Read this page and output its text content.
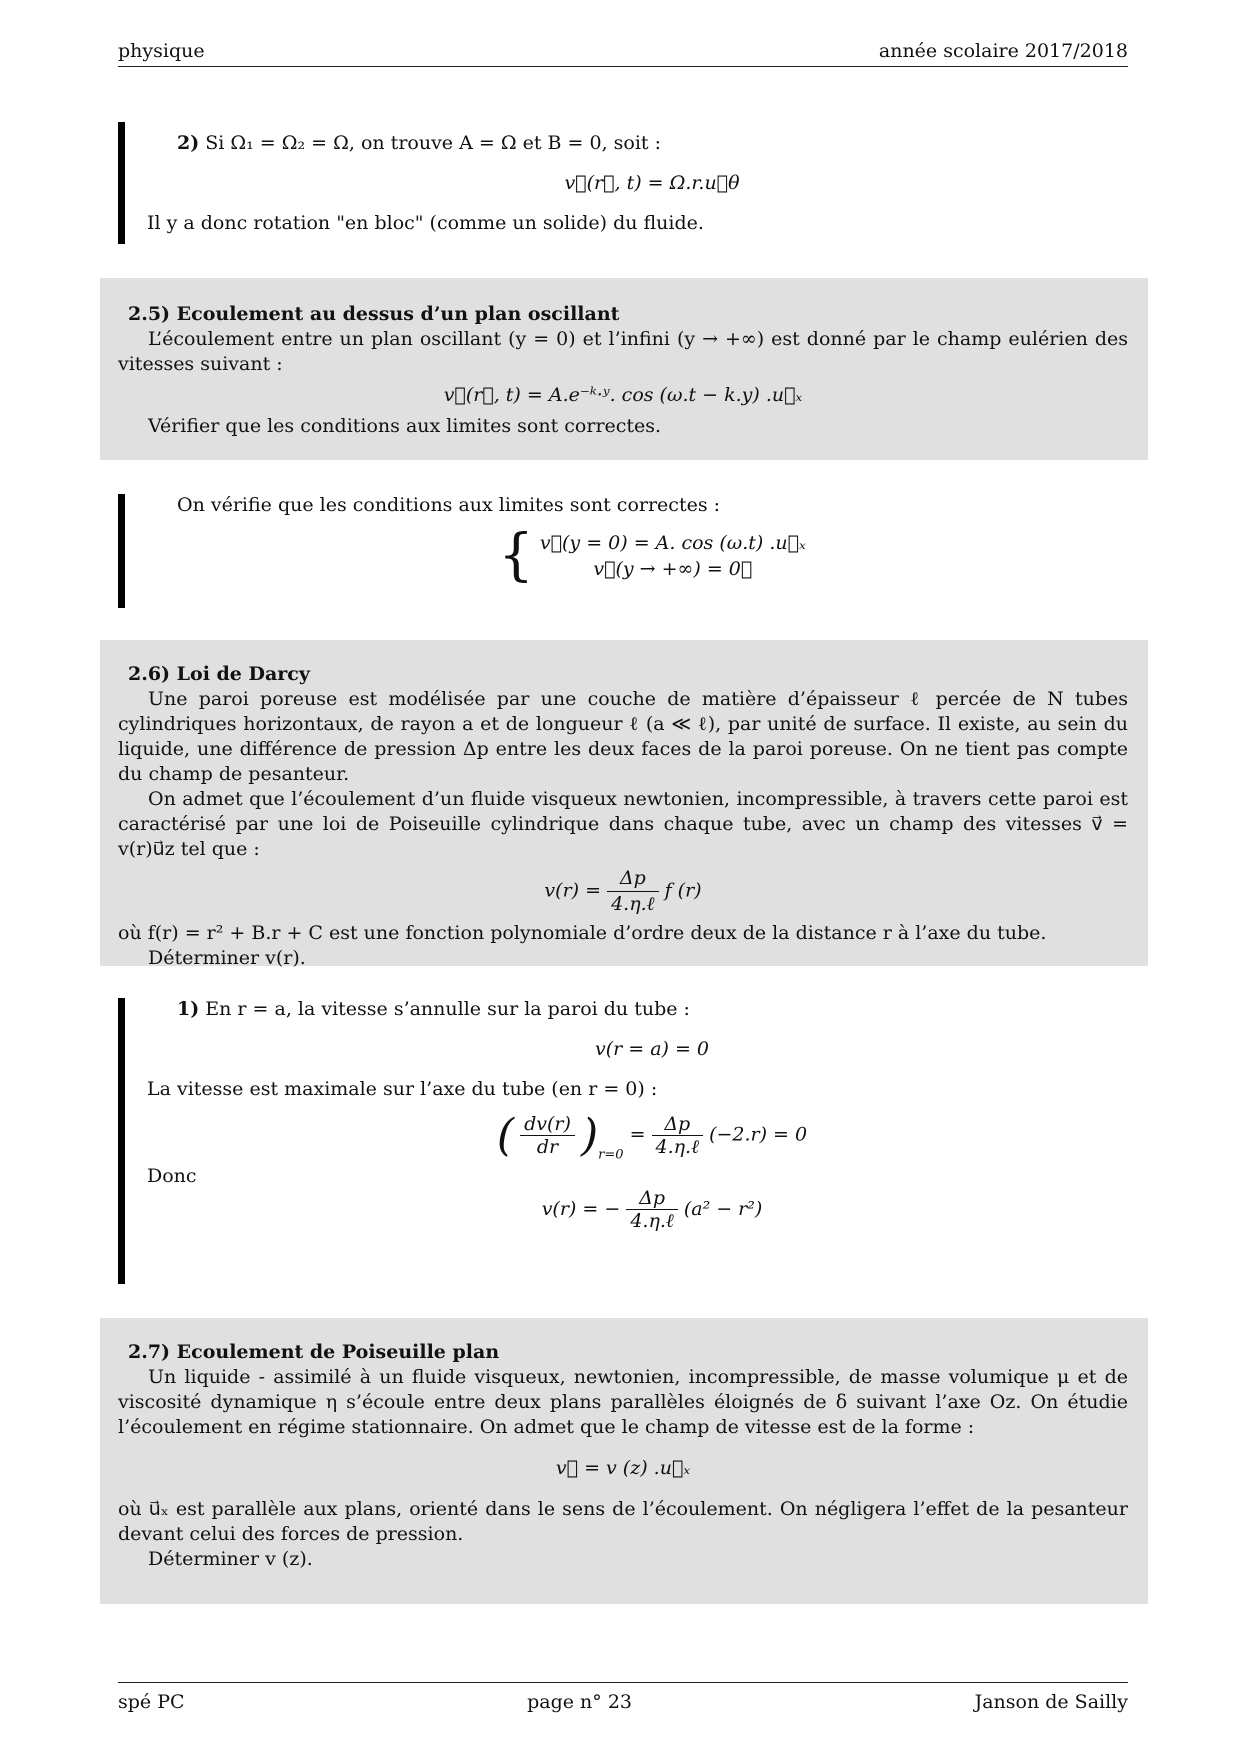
physique	année scolaire 2017/2018

2) Si Ω₁ = Ω₂ = Ω, on trouve A = Ω et B = 0, soit :

v⃗(r⃗, t) = Ω.r.u⃗θ

Il y a donc rotation "en bloc" (comme un solide) du fluide.

2.5) Ecoulement au dessus d’un plan oscillant

L’écoulement entre un plan oscillant (y = 0) et l’infini (y → +∞) est donné par le champ eulérien des vitesses suivant :

v⃗(r⃗, t) = A.e⁻ᵏ·ʸ. cos (ω.t − k.y) .u⃗ₓ

Vérifier que les conditions aux limites sont correctes.

On vérifie que les conditions aux limites sont correctes :

{ v⃗(y = 0) = A. cos (ω.t) .u⃗ₓ
v⃗(y → +∞) = 0⃗

2.6) Loi de Darcy

Une paroi poreuse est modélisée par une couche de matière d’épaisseur ℓ percée de N tubes cylindriques horizontaux, de rayon a et de longueur ℓ (a ≪ ℓ), par unité de surface. Il existe, au sein du liquide, une différence de pression Δp entre les deux faces de la paroi poreuse. On ne tient pas compte du champ de pesanteur.

On admet que l’écoulement d’un fluide visqueux newtonien, incompressible, à travers cette paroi est caractérisé par une loi de Poiseuille cylindrique dans chaque tube, avec un champ des vitesses v⃗ = v(r)u⃗z tel que :

$v(r) = \frac{\Delta p}{\text{4.η.ℓ}}$ f (r)

où f(r) = r² + B.r + C est une fonction polynomiale d’ordre deux de la distance r à l’axe du tube.

Déterminer v(r).

1) En r = a, la vitesse s’annulle sur la paroi du tube :

v(r = a) = 0

La vitesse est maximale sur l’axe du tube (en r = 0) :

( $\frac{dv(r)}{dr} )_{r=0} = \frac{\Delta p}{\text{4.η.ℓ}} (-2.r) = 0$

Donc

v(r) = − $\frac{\Delta p}{\text{4.η.ℓ}} (a^2 - r^2)$

2.7) Ecoulement de Poiseuille plan

Un liquide - assimilé à un fluide visqueux, newtonien, incompressible, de masse volumique μ et de viscosité dynamique η s’écoule entre deux plans parallèles éloignés de δ suivant l’axe Oz. On étudie l’écoulement en régime stationnaire. On admet que le champ de vitesse est de la forme :

v⃗ = v (z) .u⃗ₓ

où u⃗ₓ est parallèle aux plans, orienté dans le sens de l’écoulement. On négligera l’effet de la pesanteur devant celui des forces de pression.

Déterminer v (z).

spé PC	page n° 23	Janson de Sailly
